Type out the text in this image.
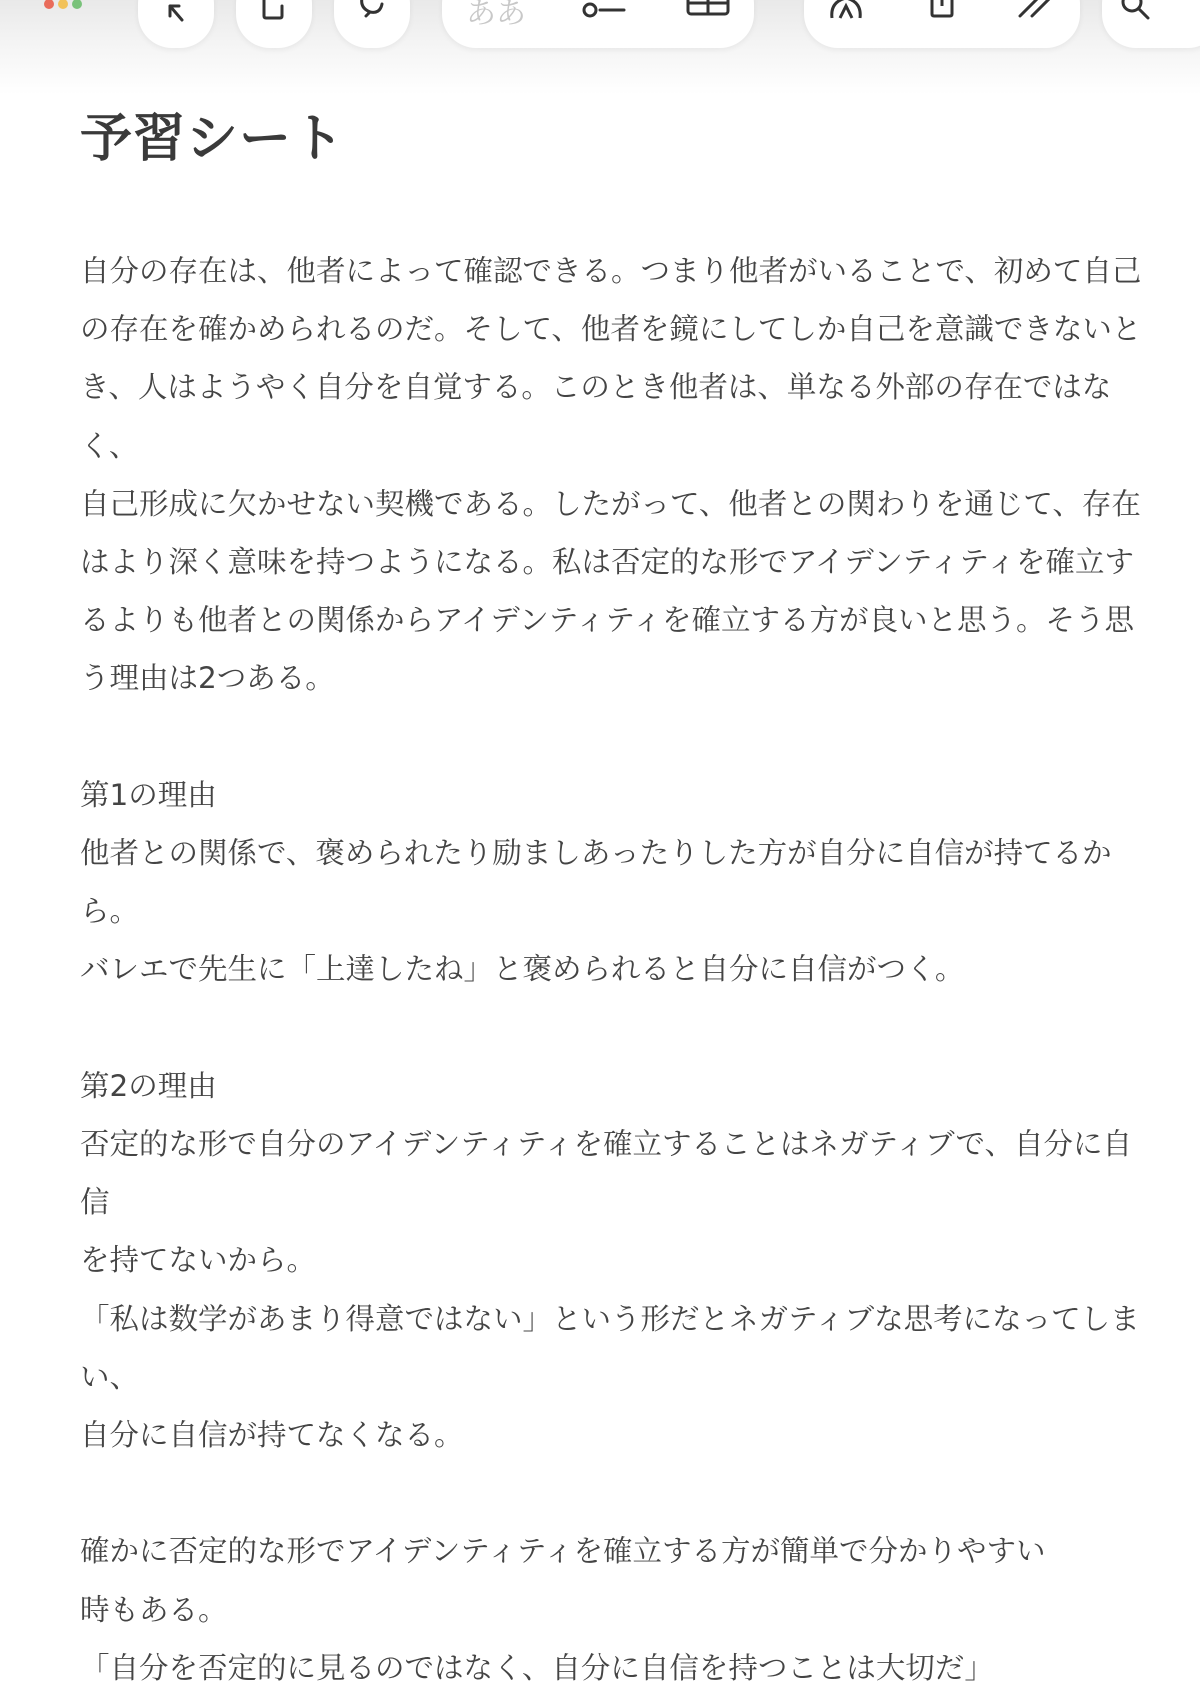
ああ
予習シート

自分の存在は、他者によって確認できる。つまり他者がいることで、初めて自己
の存在を確かめられるのだ。そして、他者を鏡にしてしか自己を意識できないと
き、人はようやく自分を自覚する。このとき他者は、単なる外部の存在ではなく、
自己形成に欠かせない契機である。したがって、他者との関わりを通じて、存在
はより深く意味を持つようになる。私は否定的な形でアイデンティティを確立す
るよりも他者との関係からアイデンティティを確立する方が良いと思う。そう思
う理由は2つある。

第1の理由
他者との関係で、褒められたり励ましあったりした方が自分に自信が持てるから。
バレエで先生に「上達したね」と褒められると自分に自信がつく。

第2の理由
否定的な形で自分のアイデンティティを確立することはネガティブで、自分に自信
を持てないから。
「私は数学があまり得意ではない」という形だとネガティブな思考になってしまい、
自分に自信が持てなくなる。

確かに否定的な形でアイデンティティを確立する方が簡単で分かりやすい
時もある。
「自分を否定的に見るのではなく、自分に自信を持つことは大切だ」
